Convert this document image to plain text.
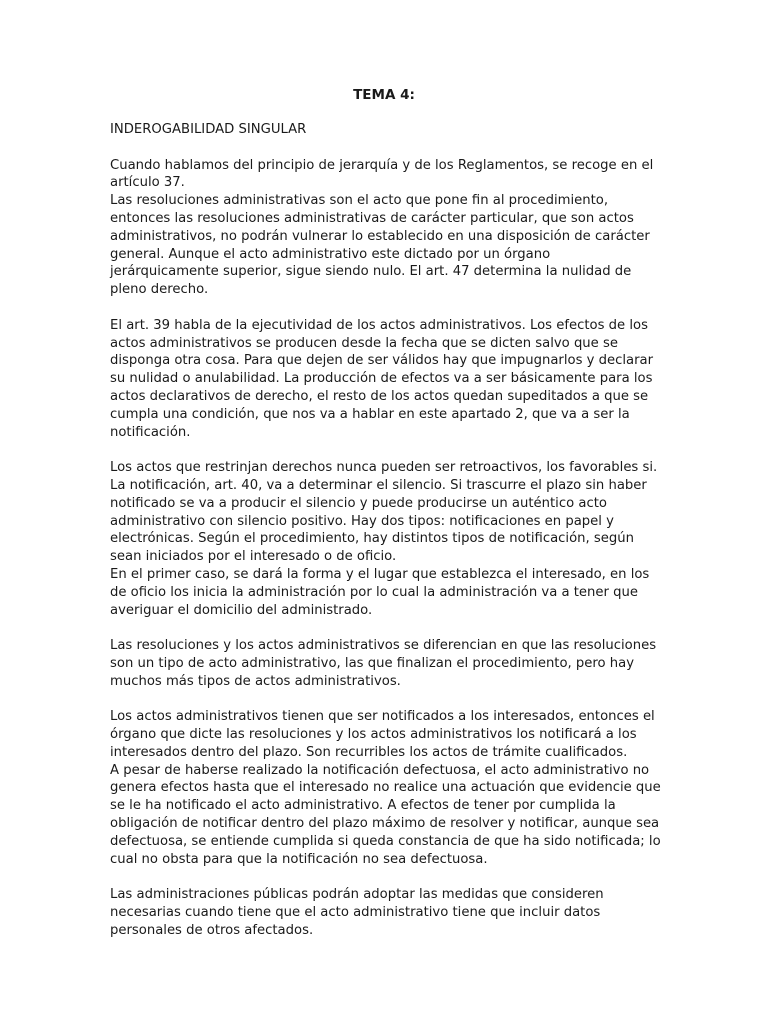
TEMA 4:

INDEROGABILIDAD SINGULAR

Cuando hablamos del principio de jerarquía y de los Reglamentos, se recoge en el artículo 37.

Las resoluciones administrativas son el acto que pone fin al procedimiento, entonces las resoluciones administrativas de carácter particular, que son actos administrativos, no podrán vulnerar lo establecido en una disposición de carácter general. Aunque el acto administrativo este dictado por un órgano jerárquicamente superior, sigue siendo nulo. El art. 47 determina la nulidad de pleno derecho.

El art. 39 habla de la ejecutividad de los actos administrativos. Los efectos de los actos administrativos se producen desde la fecha que se dicten salvo que se disponga otra cosa. Para que dejen de ser válidos hay que impugnarlos y declarar su nulidad o anulabilidad. La producción de efectos va a ser básicamente para los actos declarativos de derecho, el resto de los actos quedan supeditados a que se cumpla una condición, que nos va a hablar en este apartado 2, que va a ser la notificación.

Los actos que restrinjan derechos nunca pueden ser retroactivos, los favorables si. La notificación, art. 40, va a determinar el silencio. Si trascurre el plazo sin haber notificado se va a producir el silencio y puede producirse un auténtico acto administrativo con silencio positivo. Hay dos tipos: notificaciones en papel y electrónicas. Según el procedimiento, hay distintos tipos de notificación, según sean iniciados por el interesado o de oficio.

En el primer caso, se dará la forma y el lugar que establezca el interesado, en los de oficio los inicia la administración por lo cual la administración va a tener que averiguar el domicilio del administrado.

Las resoluciones y los actos administrativos se diferencian en que las resoluciones son un tipo de acto administrativo, las que finalizan el procedimiento, pero hay muchos más tipos de actos administrativos.

Los actos administrativos tienen que ser notificados a los interesados, entonces el órgano que dicte las resoluciones y los actos administrativos los notificará a los interesados dentro del plazo. Son recurribles los actos de trámite cualificados.

A pesar de haberse realizado la notificación defectuosa, el acto administrativo no genera efectos hasta que el interesado no realice una actuación que evidencie que se le ha notificado el acto administrativo. A efectos de tener por cumplida la obligación de notificar dentro del plazo máximo de resolver y notificar, aunque sea defectuosa, se entiende cumplida si queda constancia de que ha sido notificada; lo cual no obsta para que la notificación no sea defectuosa.

Las administraciones públicas podrán adoptar las medidas que consideren necesarias cuando tiene que el acto administrativo tiene que incluir datos personales de otros afectados.
